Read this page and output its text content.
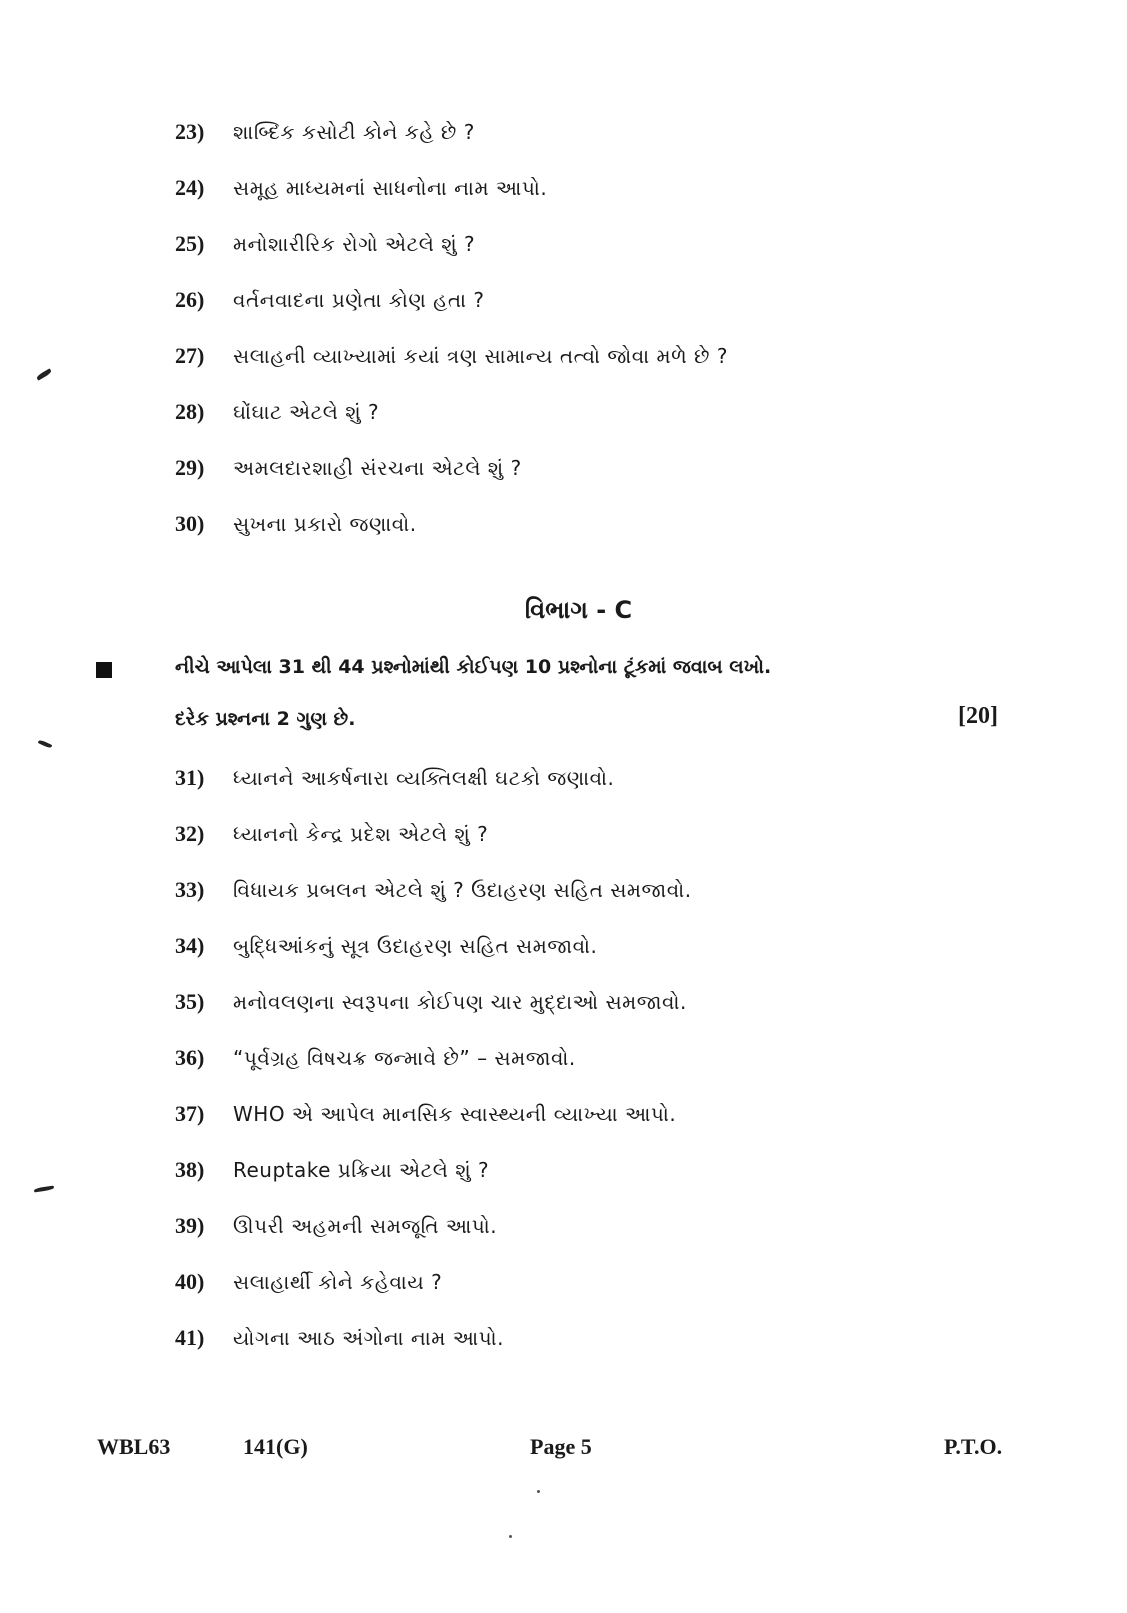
23)	શાબ્દિક કસોટી કોને કહે છે ?
24)	સમૂહ માધ્યમનાં સાધનોના નામ આપો.
25)	મનોશારીરિક રોગો એટલે શું ?
26)	વર્તનવાદના પ્રણેતા કોણ હતા ?
27)	સલાહની વ્યાખ્યામાં કયાં ત્રણ સામાન્ય તત્વો જોવા મળે છે ?
28)	ઘોંઘાટ એટલે શું ?
29)	અમલદારશાહી સંરચના એટલે શું ?
30)	સુખના પ્રકારો જણાવો.
વિભાગ - C
નીચે આપેલા 31 થી 44 પ્રશ્નોમાંથી કોઈપણ 10 પ્રશ્નોના ટૂંકમાં જવાબ લખો.
દરેક પ્રશ્નના 2 ગુણ છે.	[20]
31)	ધ્યાનને આકર્ષનારા વ્યક્તિલક્ષી ઘટકો જણાવો.
32)	ધ્યાનનો કેન્દ્ર પ્રદેશ એટલે શું ?
33)	વિધાયક પ્રબલન એટલે શું ? ઉદાહરણ સહિત સમજાવો.
34)	બુદ્ધિઆંકનું સૂત્ર ઉદાહરણ સહિત સમજાવો.
35)	મનોવલણના સ્વરૂપના કોઈપણ ચાર મુદ્દાઓ સમજાવો.
36)	“પૂર્વગ્રહ વિષચક્ર જન્માવે છે” – સમજાવો.
37)	WHO એ આપેલ માનસિક સ્વાસ્થ્યની વ્યાખ્યા આપો.
38)	Reuptake પ્રક્રિયા એટલે શું ?
39)	ઊપરી અહમની સમજૂતિ આપો.
40)	સલાહાર્થી કોને કહેવાય ?
41)	યોગના આઠ અંગોના નામ આપો.
WBL63	141(G)	Page 5	P.T.O.
